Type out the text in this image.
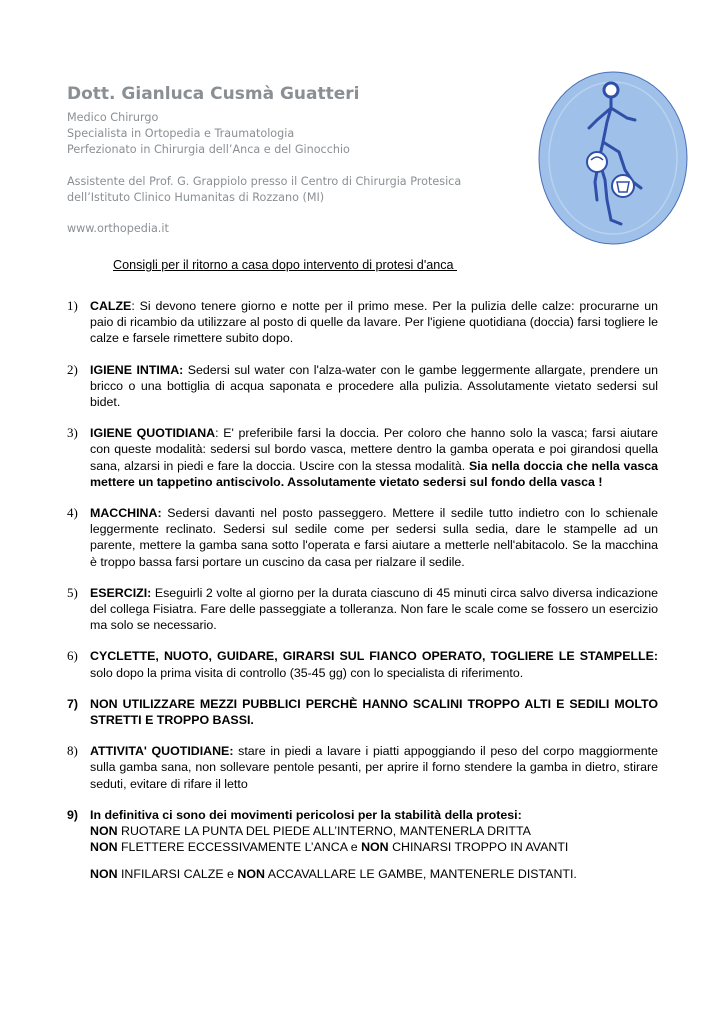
Dott. Gianluca Cusmà Guatteri
Medico Chirurgo
Specialista in Ortopedia e Traumatologia
Perfezionato in Chirurgia dell’Anca e del Ginocchio
Assistente del Prof. G. Grappiolo presso il Centro di Chirurgia Protesica
dell’Istituto Clinico Humanitas di Rozzano (MI)
www.orthopedia.it
Consigli per il ritorno a casa dopo intervento di protesi d'anca
1) CALZE: Si devono tenere giorno e notte per il primo mese. Per la pulizia delle calze: procurarne un paio di ricambio da utilizzare al posto di quelle da lavare. Per l'igiene quotidiana (doccia) farsi togliere le calze e farsele rimettere subito dopo.

2) IGIENE INTIMA: Sedersi sul water con l'alza-water con le gambe leggermente allargate, prendere un bricco o una bottiglia di acqua saponata e procedere alla pulizia. Assolutamente vietato sedersi sul bidet.

3) IGIENE QUOTIDIANA: E' preferibile farsi la doccia. Per coloro che hanno solo la vasca; farsi aiutare con queste modalità: sedersi sul bordo vasca, mettere dentro la gamba operata e poi girandosi quella sana, alzarsi in piedi e fare la doccia. Uscire con la stessa modalità. Sia nella doccia che nella vasca mettere un tappetino antiscivolo. Assolutamente vietato sedersi sul fondo della vasca !

4) MACCHINA: Sedersi davanti nel posto passeggero. Mettere il sedile tutto indietro con lo schienale leggermente reclinato. Sedersi sul sedile come per sedersi sulla sedia, dare le stampelle ad un parente, mettere la gamba sana sotto l'operata e farsi aiutare a metterle nell'abitacolo. Se la macchina è troppo bassa farsi portare un cuscino da casa per rialzare il sedile.

5) ESERCIZI: Eseguirli 2 volte al giorno per la durata ciascuno di 45 minuti circa salvo diversa indicazione del collega Fisiatra. Fare delle passeggiate a tolleranza. Non fare le scale come se fossero un esercizio ma solo se necessario.

6) CYCLETTE, NUOTO, GUIDARE, GIRARSI SUL FIANCO OPERATO, TOGLIERE LE STAMPELLE: solo dopo la prima visita di controllo (35-45 gg) con lo specialista di riferimento.

7) NON UTILIZZARE MEZZI PUBBLICI PERCHÈ HANNO SCALINI TROPPO ALTI E SEDILI MOLTO STRETTI E TROPPO BASSI.

8) ATTIVITA' QUOTIDIANE: stare in piedi a lavare i piatti appoggiando il peso del corpo maggiormente sulla gamba sana, non sollevare pentole pesanti, per aprire il forno stendere la gamba in dietro, stirare seduti, evitare di rifare il letto

9) In definitiva ci sono dei movimenti pericolosi per la stabilità della protesi:

NON RUOTARE LA PUNTA DEL PIEDE ALL’INTERNO, MANTENERLA DRITTA

NON FLETTERE ECCESSIVAMENTE L’ANCA e NON CHINARSI TROPPO IN AVANTI

NON INFILARSI CALZE e NON ACCAVALLARE LE GAMBE, MANTENERLE DISTANTI.
